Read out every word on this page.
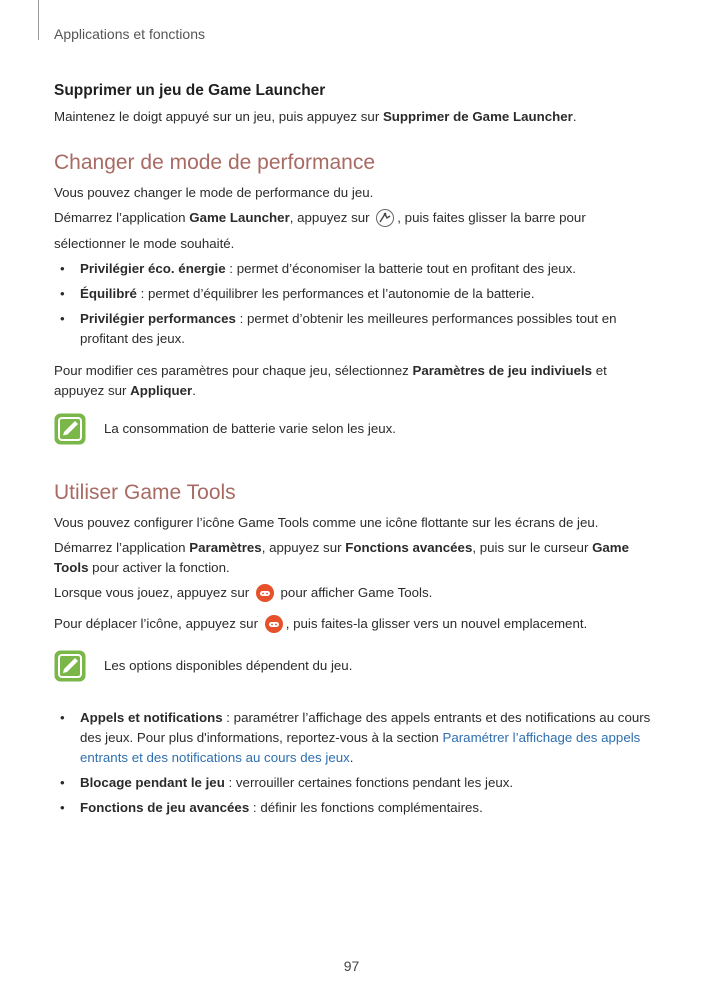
Applications et fonctions
Supprimer un jeu de Game Launcher

Maintenez le doigt appuyé sur un jeu, puis appuyez sur Supprimer de Game Launcher.

Changer de mode de performance

Vous pouvez changer le mode de performance du jeu.

Démarrez l’application Game Launcher, appuyez sur , puis faites glisser la barre pour sélectionner le mode souhaité.

• Privilégier éco. énergie : permet d’économiser la batterie tout en profitant des jeux.
• Équilibré : permet d’équilibrer les performances et l’autonomie de la batterie.
• Privilégier performances : permet d’obtenir les meilleures performances possibles tout en profitant des jeux.

Pour modifier ces paramètres pour chaque jeu, sélectionnez Paramètres de jeu indiviuels et appuyez sur Appliquer.

La consommation de batterie varie selon les jeux.
Utiliser Game Tools

Vous pouvez configurer l’icône Game Tools comme une icône flottante sur les écrans de jeu.

Démarrez l’application Paramètres, appuyez sur Fonctions avancées, puis sur le curseur Game Tools pour activer la fonction.

Lorsque vous jouez, appuyez sur  pour afficher Game Tools.

Pour déplacer l’icône, appuyez sur , puis faites-la glisser vers un nouvel emplacement.

Les options disponibles dépendent du jeu.
• Appels et notifications : paramétrer l’affichage des appels entrants et des notifications au cours des jeux. Pour plus d'informations, reportez-vous à la section Paramétrer l’affichage des appels entrants et des notifications au cours des jeux.
• Blocage pendant le jeu : verrouiller certaines fonctions pendant les jeux.
• Fonctions de jeu avancées : définir les fonctions complémentaires.
97
